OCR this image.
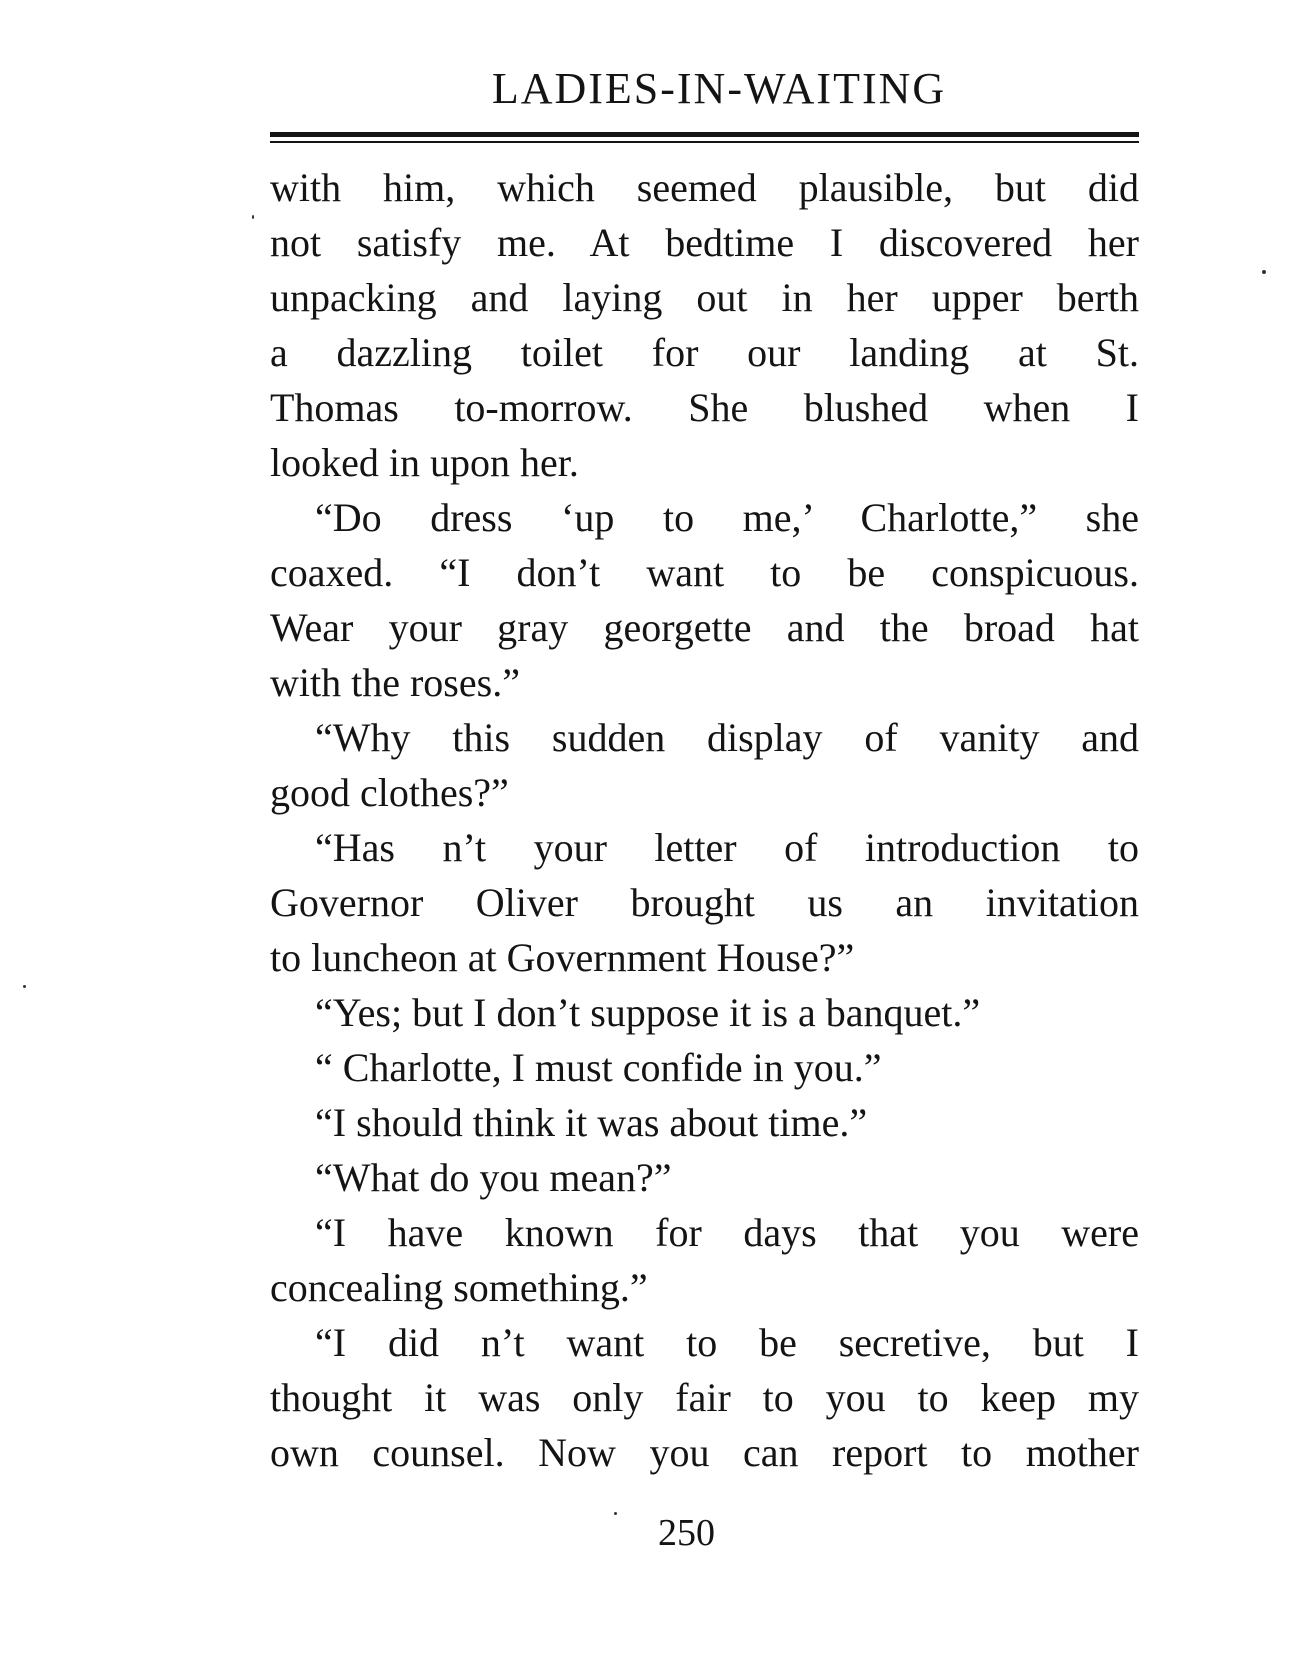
LADIES-IN-WAITING
with him, which seemed plausible, but did
not satisfy me. At bedtime I discovered her
unpacking and laying out in her upper berth
a dazzling toilet for our landing at St.
Thomas to-morrow. She blushed when I
looked in upon her.
“Do dress ‘up to me,’ Charlotte,” she
coaxed. “I don’t want to be conspicuous.
Wear your gray georgette and the broad hat
with the roses.”
“Why this sudden display of vanity and
good clothes?”
“Has n’t your letter of introduction to
Governor Oliver brought us an invitation
to luncheon at Government House?”
“Yes; but I don’t suppose it is a banquet.”
“ Charlotte, I must confide in you.”
“I should think it was about time.”
“What do you mean?”
“I have known for days that you were
concealing something.”
“I did n’t want to be secretive, but I
thought it was only fair to you to keep my
own counsel. Now you can report to mother
250
